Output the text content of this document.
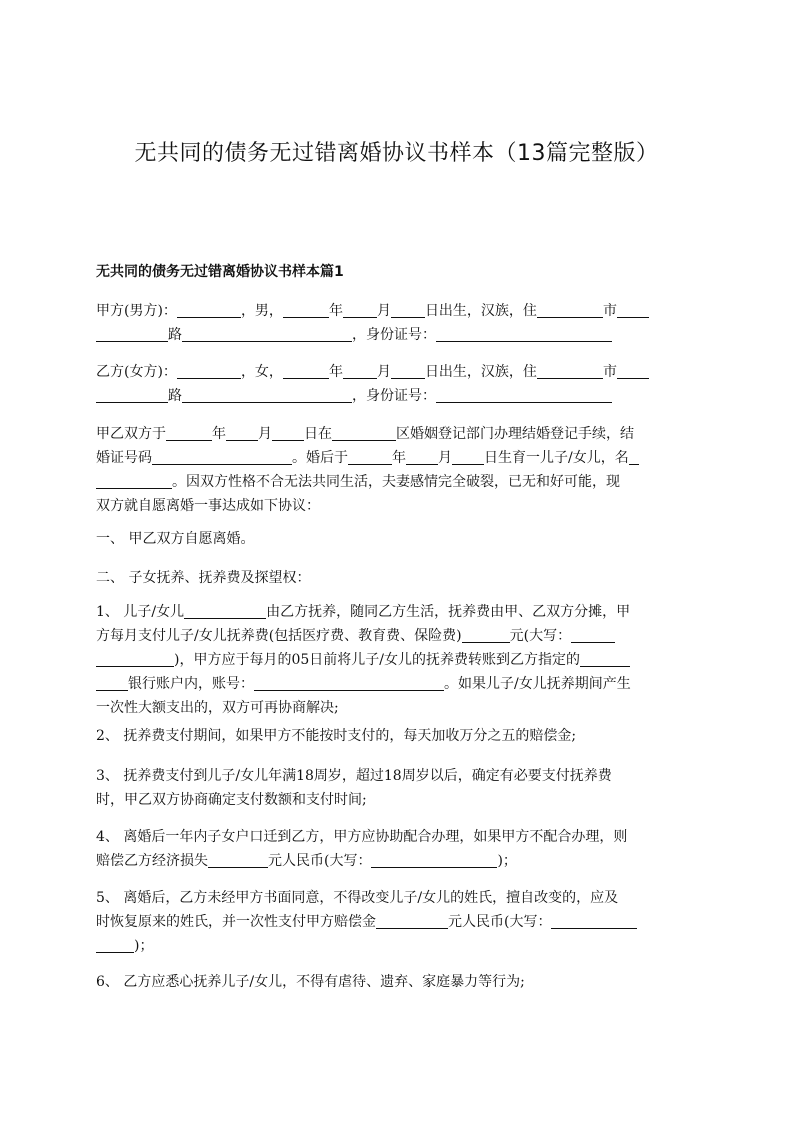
无共同的债务无过错离婚协议书样本（13篇完整版）
无共同的债务无过错离婚协议书样本篇1
甲方(男方)：	，男，	年 月 日出生，汉族，住	市
路	，身份证号：
乙方(女方)：	，女，	年 月 日出生，汉族，住	市
路	，身份证号：
甲乙双方于	年 月 日在	区婚姻登记部门办理结婚登记手续，结
婚证号码	。婚后于	年 月 日生育一儿子/女儿，名
。因双方性格不合无法共同生活，夫妻感情完全破裂，已无和好可能，现
双方就自愿离婚一事达成如下协议：
一、 甲乙双方自愿离婚。
二、 子女抚养、抚养费及探望权：
1、 儿子/女儿	由乙方抚养，随同乙方生活，抚养费由甲、乙双方分摊，甲
方每月支付儿子/女儿抚养费(包括医疗费、教育费、保险费)	元(大写：
)，甲方应于每月的05日前将儿子/女儿的抚养费转账到乙方指定的
银行账户内，账号：	。如果儿子/女儿抚养期间产生
一次性大额支出的，双方可再协商解决;
2、 抚养费支付期间，如果甲方不能按时支付的，每天加收万分之五的赔偿金;
3、 抚养费支付到儿子/女儿年满18周岁，超过18周岁以后，确定有必要支付抚养费
时，甲乙双方协商确定支付数额和支付时间;
4、 离婚后一年内子女户口迁到乙方，甲方应协助配合办理，如果甲方不配合办理，则
赔偿乙方经济损失	元人民币(大写：	)；
5、 离婚后，乙方未经甲方书面同意，不得改变儿子/女儿的姓氏，擅自改变的，应及
时恢复原来的姓氏，并一次性支付甲方赔偿金	元人民币(大写：
)；
6、 乙方应悉心抚养儿子/女儿，不得有虐待、遗弃、家庭暴力等行为;
